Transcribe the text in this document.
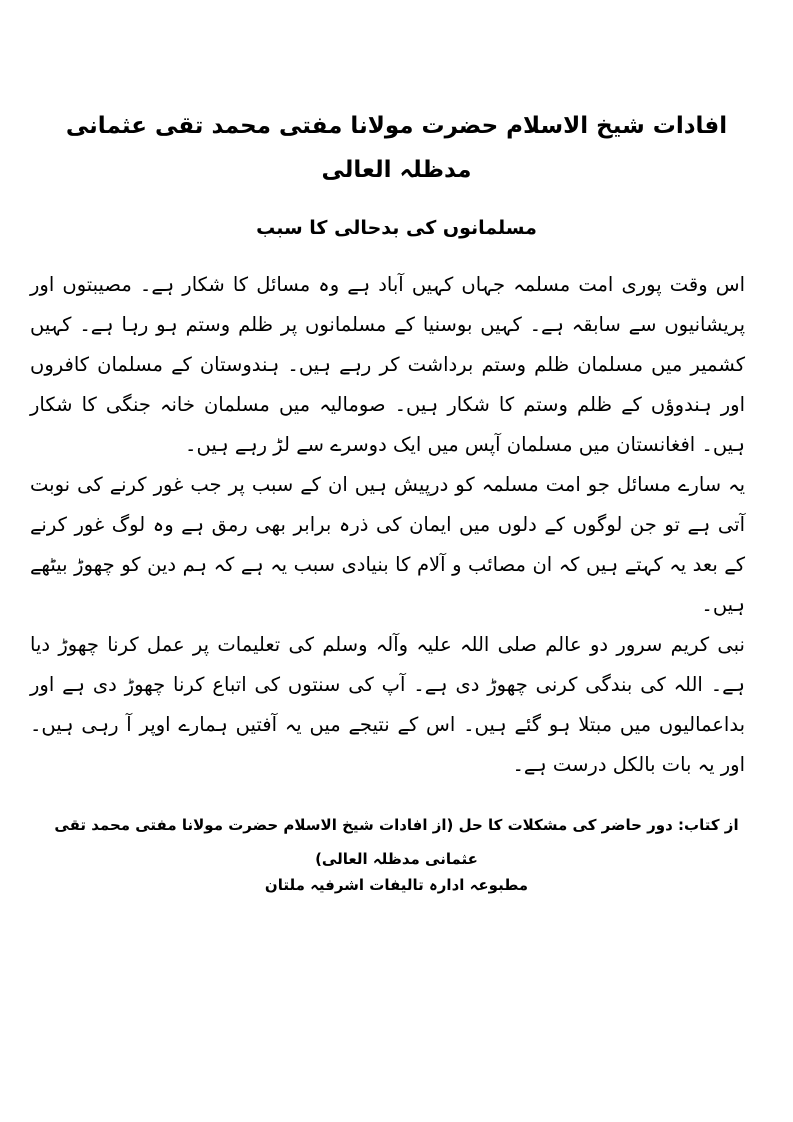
افادات شیخ الاسلام حضرت مولانا مفتی محمد تقی عثمانی مدظلہ العالی
مسلمانوں کی بدحالی کا سبب

اس وقت پوری امت مسلمہ جہاں کہیں آباد ہے وہ مسائل کا شکار ہے۔ مصیبتوں اور پریشانیوں سے سابقہ ہے۔ کہیں بوسنیا کے مسلمانوں پر ظلم وستم ہو رہا ہے۔ کہیں کشمیر میں مسلمان ظلم وستم برداشت کر رہے ہیں۔ ہندوستان کے مسلمان کافروں اور ہندوؤں کے ظلم وستم کا شکار ہیں۔ صومالیہ میں مسلمان خانہ جنگی کا شکار ہیں۔ افغانستان میں مسلمان آپس میں ایک دوسرے سے لڑ رہے ہیں۔

یہ سارے مسائل جو امت مسلمہ کو درپیش ہیں ان کے سبب پر جب غور کرنے کی نوبت آتی ہے تو جن لوگوں کے دلوں میں ایمان کی ذرہ برابر بھی رمق ہے وہ لوگ غور کرنے کے بعد یہ کہتے ہیں کہ ان مصائب و آلام کا بنیادی سبب یہ ہے کہ ہم دین کو چھوڑ بیٹھے ہیں۔

نبی کریم سرور دو عالم صلی اللہ علیہ وآلہ وسلم کی تعلیمات پر عمل کرنا چھوڑ دیا ہے۔ اللہ کی بندگی کرنی چھوڑ دی ہے۔ آپ کی سنتوں کی اتباع کرنا چھوڑ دی ہے اور بداعمالیوں میں مبتلا ہو گئے ہیں۔ اس کے نتیجے میں یہ آفتیں ہمارے اوپر آ رہی ہیں۔ اور یہ بات بالکل درست ہے۔

از کتاب: دور حاضر کی مشکلات کا حل (از افادات شیخ الاسلام حضرت مولانا مفتی محمد تقی عثمانی مدظلہ العالی)

مطبوعہ ادارہ تالیفات اشرفیہ ملتان
